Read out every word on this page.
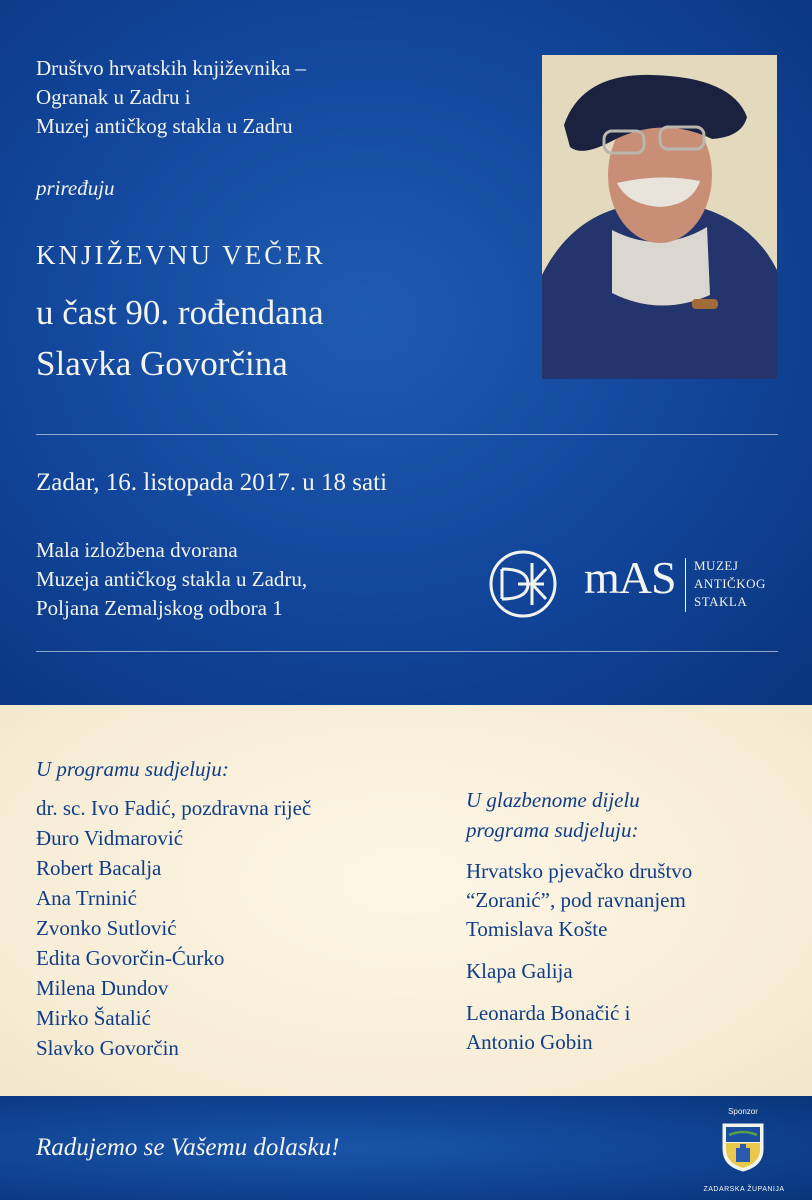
Društvo hrvatskih književnika –
Ogranak u Zadru i
Muzej antičkog stakla u Zadru
priređuju
KNJIŽEVNU VEČER
u čast 90. rođendana
Slavka Govorčina
Zadar, 16. listopada 2017. u 18 sati
Mala izložbena dvorana
Muzeja antičkog stakla u Zadru,
Poljana Zemaljskog odbora 1
mAS MUZEJ
ANTIČKOG
STAKLA
U programu sudjeluju:
dr. sc. Ivo Fadić, pozdravna riječ
Đuro Vidmarović
Robert Bacalja
Ana Trninić
Zvonko Sutlović
Edita Govorčin-Ćurko
Milena Dundov
Mirko Šatalić
Slavko Govorčin
U glazbenome dijelu
programa sudjeluju:
Hrvatsko pjevačko društvo
“Zoranić”, pod ravnanjem
Tomislava Košte
Klapa Galija
Leonarda Bonačić i
Antonio Gobin
Radujemo se Vašemu dolasku!
Sponzor
ZADARSKA ŽUPANIJA
